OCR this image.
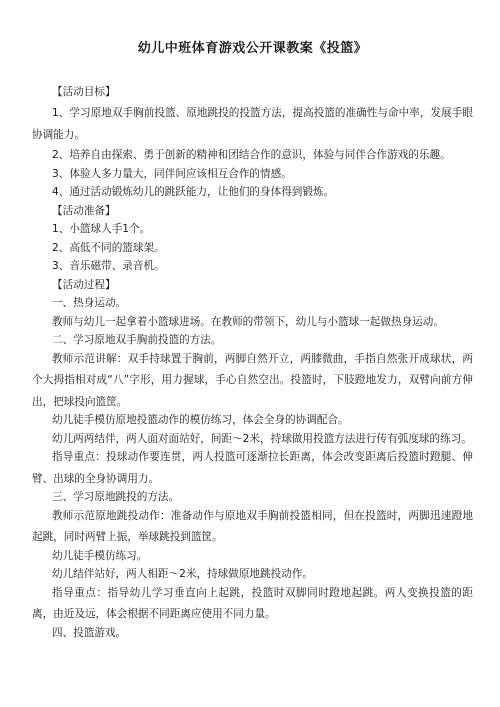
幼儿中班体育游戏公开课教案《投篮》
【活动目标】
1、学习原地双手胸前投篮、原地跳投的投篮方法，提高投篮的准确性与命中率，发展手眼协调能力。
2、培养自由探索、勇于创新的精神和团结合作的意识，体验与同伴合作游戏的乐趣。
3、体验人多力量大，同伴间应该相互合作的情感。
4、通过活动锻炼幼儿的跳跃能力，让他们的身体得到锻炼。
【活动准备】
1、小篮球人手1个。
2、高低不同的篮球架。
3、音乐磁带、录音机。
【活动过程】
一、热身运动。
教师与幼儿一起拿着小篮球进场。在教师的带领下，幼儿与小篮球一起做热身运动。
二、学习原地双手胸前投篮的方法。
教师示范讲解：双手持球置于胸前，两脚自然开立，两膝微曲，手指自然张开成球状，两个大拇指相对成“八”字形，用力握球，手心自然空出。投篮时，下肢蹬地发力，双臂向前方伸出，把球投向篮筐。
幼儿徒手模仿原地投篮动作的模仿练习，体会全身的协调配合。
幼儿两两结伴，两人面对面站好，间距～2米，持球做用投篮方法进行传有弧度球的练习。
指导重点：投球动作要连贯，两人投篮可逐渐拉长距离，体会改变距离后投篮时蹬腿、伸臂、出球的全身协调用力。
三、学习原地跳投的方法。
教师示范原地跳投动作：准备动作与原地双手胸前投篮相同，但在投篮时，两脚迅速蹬地起跳，同时两臂上振，举球跳投到篮筐。
幼儿徒手模仿练习。
幼儿结伴站好，两人相距～2米，持球做原地跳投动作。
指导重点：指导幼儿学习垂直向上起跳，投篮时双脚同时蹬地起跳。两人变换投篮的距离，由近及远，体会根据不同距离应使用不同力量。
四、投篮游戏。
